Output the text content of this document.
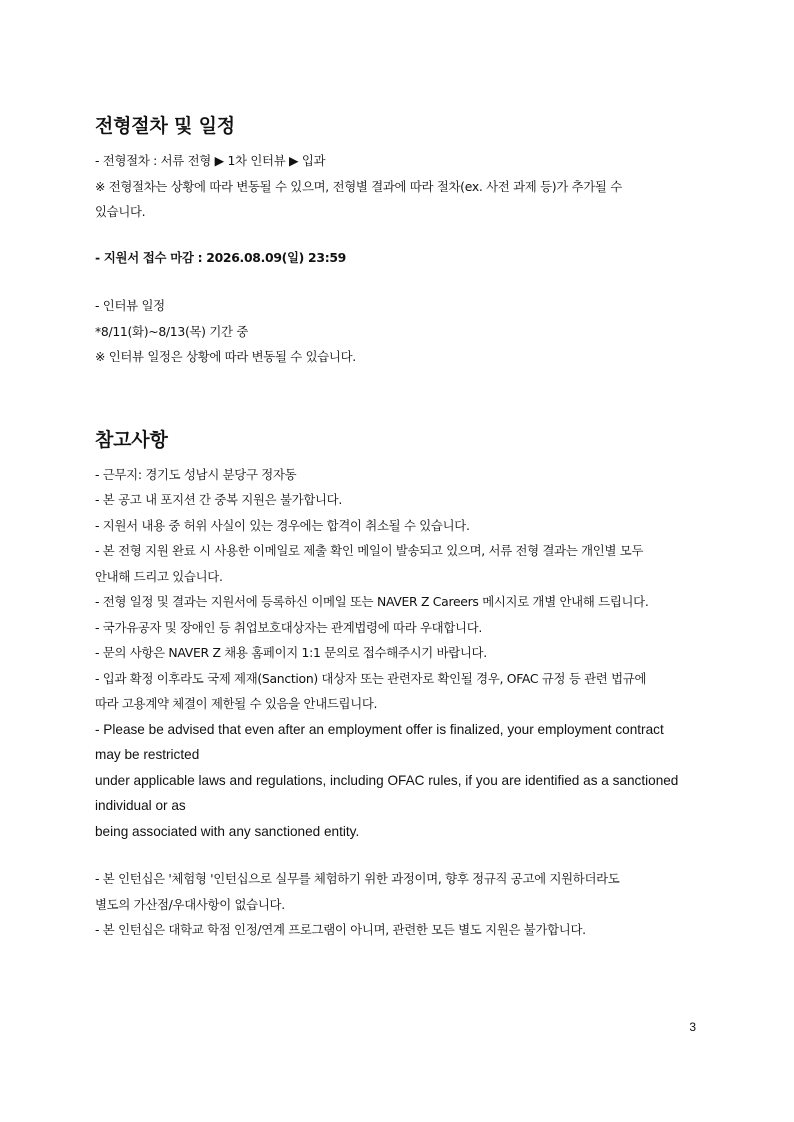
전형절차 및 일정

- 전형절차 : 서류 전형 ▶ 1차 인터뷰 ▶ 입과

※ 전형절차는 상황에 따라 변동될 수 있으며, 전형별 결과에 따라 절차(ex. 사전 과제 등)가 추가될 수

있습니다.

- 지원서 접수 마감 : 2026.08.09(일) 23:59

- 인터뷰 일정

*8/11(화)~8/13(목) 기간 중

※ 인터뷰 일정은 상황에 따라 변동될 수 있습니다.

참고사항

- 근무지: 경기도 성남시 분당구 정자동

- 본 공고 내 포지션 간 중복 지원은 불가합니다.

- 지원서 내용 중 허위 사실이 있는 경우에는 합격이 취소될 수 있습니다.

- 본 전형 지원 완료 시 사용한 이메일로 제출 확인 메일이 발송되고 있으며, 서류 전형 결과는 개인별 모두

안내해 드리고 있습니다.

- 전형 일정 및 결과는 지원서에 등록하신 이메일 또는 NAVER Z Careers 메시지로 개별 안내해 드립니다.

- 국가유공자 및 장애인 등 취업보호대상자는 관계법령에 따라 우대합니다.

- 문의 사항은 NAVER Z 채용 홈페이지 1:1 문의로 접수해주시기 바랍니다.

- 입과 확정 이후라도 국제 제재(Sanction) 대상자 또는 관련자로 확인될 경우, OFAC 규정 등 관련 법규에

따라 고용계약 체결이 제한될 수 있음을 안내드립니다.

- Please be advised that even after an employment offer is finalized, your employment contract

may be restricted

under applicable laws and regulations, including OFAC rules, if you are identified as a sanctioned

individual or as

being associated with any sanctioned entity.

- 본 인턴십은 '체험형 '인턴십으로 실무를 체험하기 위한 과정이며, 향후 정규직 공고에 지원하더라도

별도의 가산점/우대사항이 없습니다.

- 본 인턴십은 대학교 학점 인정/연계 프로그램이 아니며, 관련한 모든 별도 지원은 불가합니다.

3
